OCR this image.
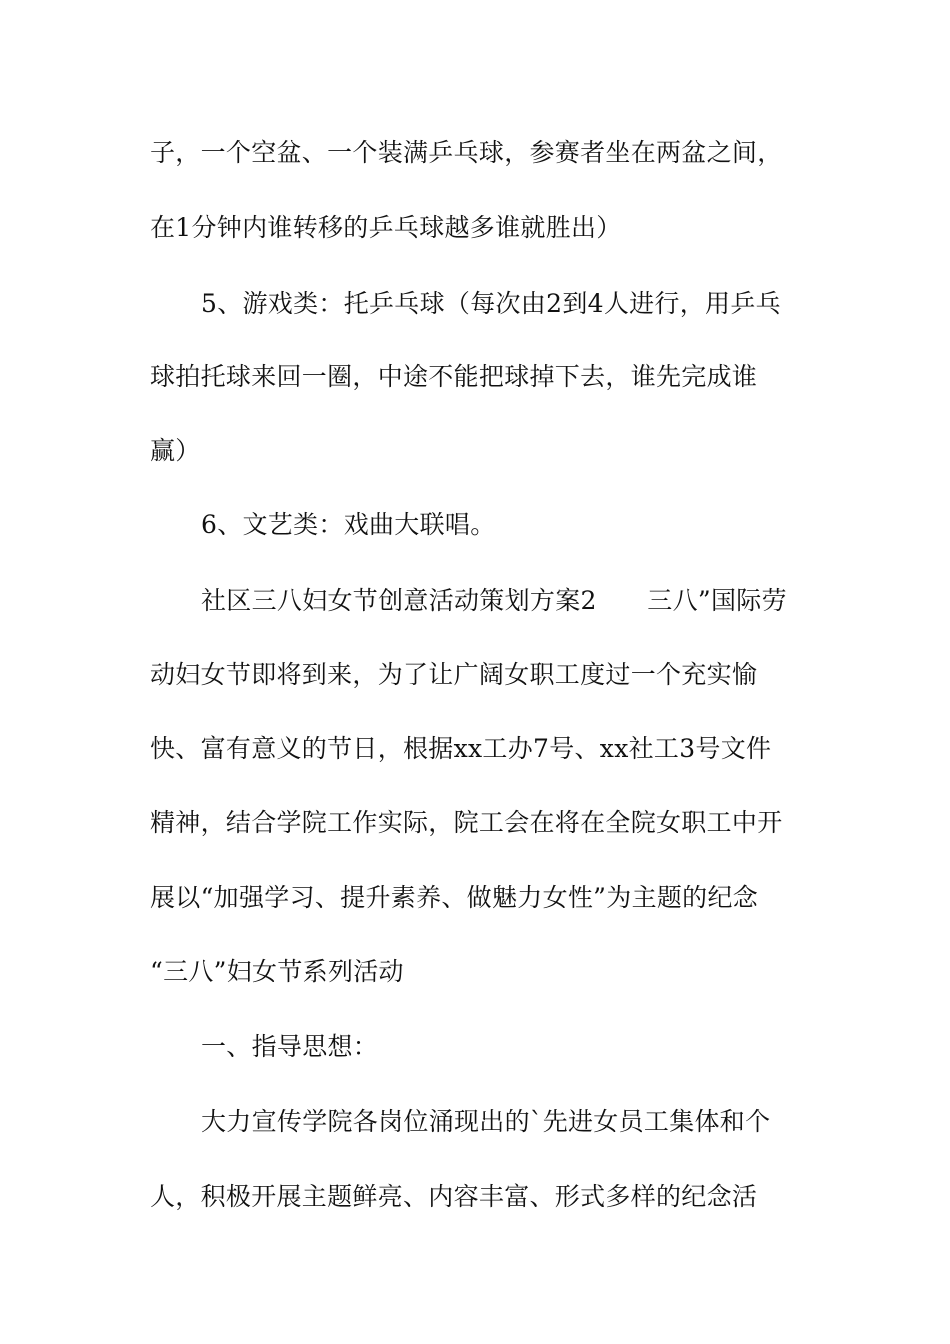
子，一个空盆、一个装满乒乓球，参赛者坐在两盆之间，

在1分钟内谁转移的乒乓球越多谁就胜出）

5、游戏类：托乒乓球（每次由2到4人进行，用乒乓

球拍托球来回一圈，中途不能把球掉下去，谁先完成谁

赢）

6、文艺类：戏曲大联唱。

社区三八妇女节创意活动策划方案2　　三八”国际劳

动妇女节即将到来，为了让广阔女职工度过一个充实愉

快、富有意义的节日，根据xx工办7号、xx社工3号文件

精神，结合学院工作实际，院工会在将在全院女职工中开

展以“加强学习、提升素养、做魅力女性”为主题的纪念

“三八”妇女节系列活动

一、指导思想：

大力宣传学院各岗位涌现出的`先进女员工集体和个

人，积极开展主题鲜亮、内容丰富、形式多样的纪念活
